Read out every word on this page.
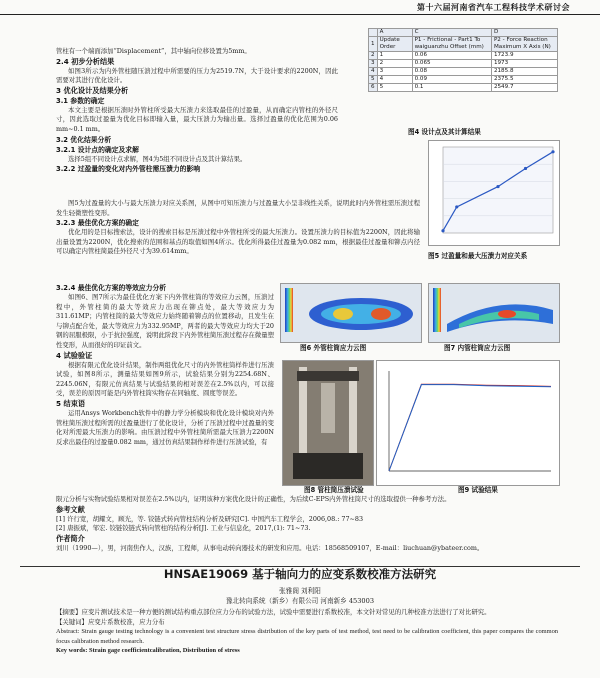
第十六届河南省汽车工程科技学术研讨会

管柱有一个端面添加“Displacement”，其中轴向位移设置为5mm。

2.4 初步分析结果

如图3所示为内外管柱随压溃过程中所需要的压力为2519.7N，大于设计要求的2200N，因此需要对其进行优化设计。

3 优化设计及结果分析

3.1 参数的确定

本文主要是根据压溃时外管柱所受最大压溃力来选取最佳的过盈量，从而确定内管柱的外径尺寸，因此选取过盈量为优化目标即输入量，最大压溃力为输出量。选择过盈量的优化范围为0.06 mm~0.1 mm。

3.2 优化结果分析

3.2.1 设计点的确定及求解

选择5组不同设计点求解，图4为5组不同设计点及其计算结果。

3.2.2 过盈量的变化对内外管柱需压溃力的影响

图5为过盈量的大小与最大压溃力对应关系图，从图中可知压溃力与过盈量大小呈非线性关系，说明此时内外管柱需压溃过程发生轻微塑性变形。

3.2.3 最佳优化方案的确定

优化用的是目标搜索法，设计的搜索目标是压溃过程中外管柱所受的最大压溃力。设置压溃力的目标值为2200N，因此将输出量设置为2200N，优化搜索的范围和基点的取值如图4所示。优化所得最佳过盈量为0.082 mm，根据最佳过盈量和铆点内径可以确定内管柱简最佳外径尺寸为39.614mm。

3.2.4 最佳优化方案的等效应力分析

如图6、图7所示为最佳优化方案下内外管柱筒的等效应力云图，压溃过程中，外管柱简的最大等效应力出现在铆点处，最大等效应力为311.61MP；内管柱筒的最大等效应力始终随着铆点的位置移动，且发生在与铆点配合处，最大等效应力为332.95MP，两者的最大等效应力均大于20钢的屈服极限，小于抗拉强度，说明此阶段下内外管柱简压溃过程存在微量塑性变形，从而很好的印证前文。

4 试验验证

根据有限元优化设计结果，制作两组优化尺寸的内外管柱筒样件进行压溃试验，如图8所示，测量结果如图9所示，试验结果分别为2254.68N、2245.06N，有限元仿真结果与试验结果的相对误差在2.5%以内，可以接受，误差的原因可能是内外管柱筒实物存在同轴度、圆度等误差。

5 结束语

运用Ansys Workbench软件中的静力学分析模块和优化设计模块对内外管柱简压溃过程所需的过盈量进行了优化设计，分析了压溃过程中过盈量的变化对所需最大压溃力的影响。由压溃过程中外管柱简所需最大压溃力2200N反求出最佳的过盈量0.082 mm，通过仿真结果制作样件进行压溃试验，有

	A	C	D
1	Update Order	P1 - Frictional - Part1 To waiguanzhu Offset (mm)	P2 - Force Reaction Maximum X Axis (N)
2	1	0.06	1723.9
3	2	0.065	1973
4	3	0.08	2185.8
5	4	0.09	2375.5
6	5	0.1	2549.7
图4 设计点及其计算结果
图5 过盈量和最大压溃力对应关系
图6 外管柱筒应力云图	图7 内管柱筒应力云图
图8 管柱筒压溃试验	图9 试验结果

限元分析与实物试验结果相对误差在2.5%以内，证明该种方案优化设计的正确性，为后续C-EPS内外管柱筒尺寸的选取提供一种参考方法。

参考文献

[1] 许行宽，胡耀文，顾光，等. 铰链式转向管柱结构分析及研究[C]. 中国汽车工程学会，2006,08.: 77~83

[2] 唐振斌，邹宏. 铰链铰链式转向管柱的结构分析[J]. 工业与信息化，2017,(1): 71~73.

作者简介

刘川（1990—），男，河南焦作人，汉族，工程师，从事电动转向器技术的研发和应用。电话：18568509107，E-mail：liuchuan@ybateer.com。

HNSAE19069 基于轴向力的应变系数校准方法研究
张雅阁 刘利阳
豫北转向系统（新乡）有限公司 河南新乡 453003

【摘要】应变片测试技术是一种方便的测试结构重点部位应力分布的试验方法，试验中需要进行系数校准，本文针对常见的几种校准方法进行了对比研究。

【关键词】应变片系数校准，应力分布

Abstract: Strain gauge testing technology is a convenient test structure stress distribution of the key parts of test method, test need to be calibration coefficient, this paper compares the common focus calibration method research.

Key words: Strain gage coefficientcalibration, Distribution of stress
